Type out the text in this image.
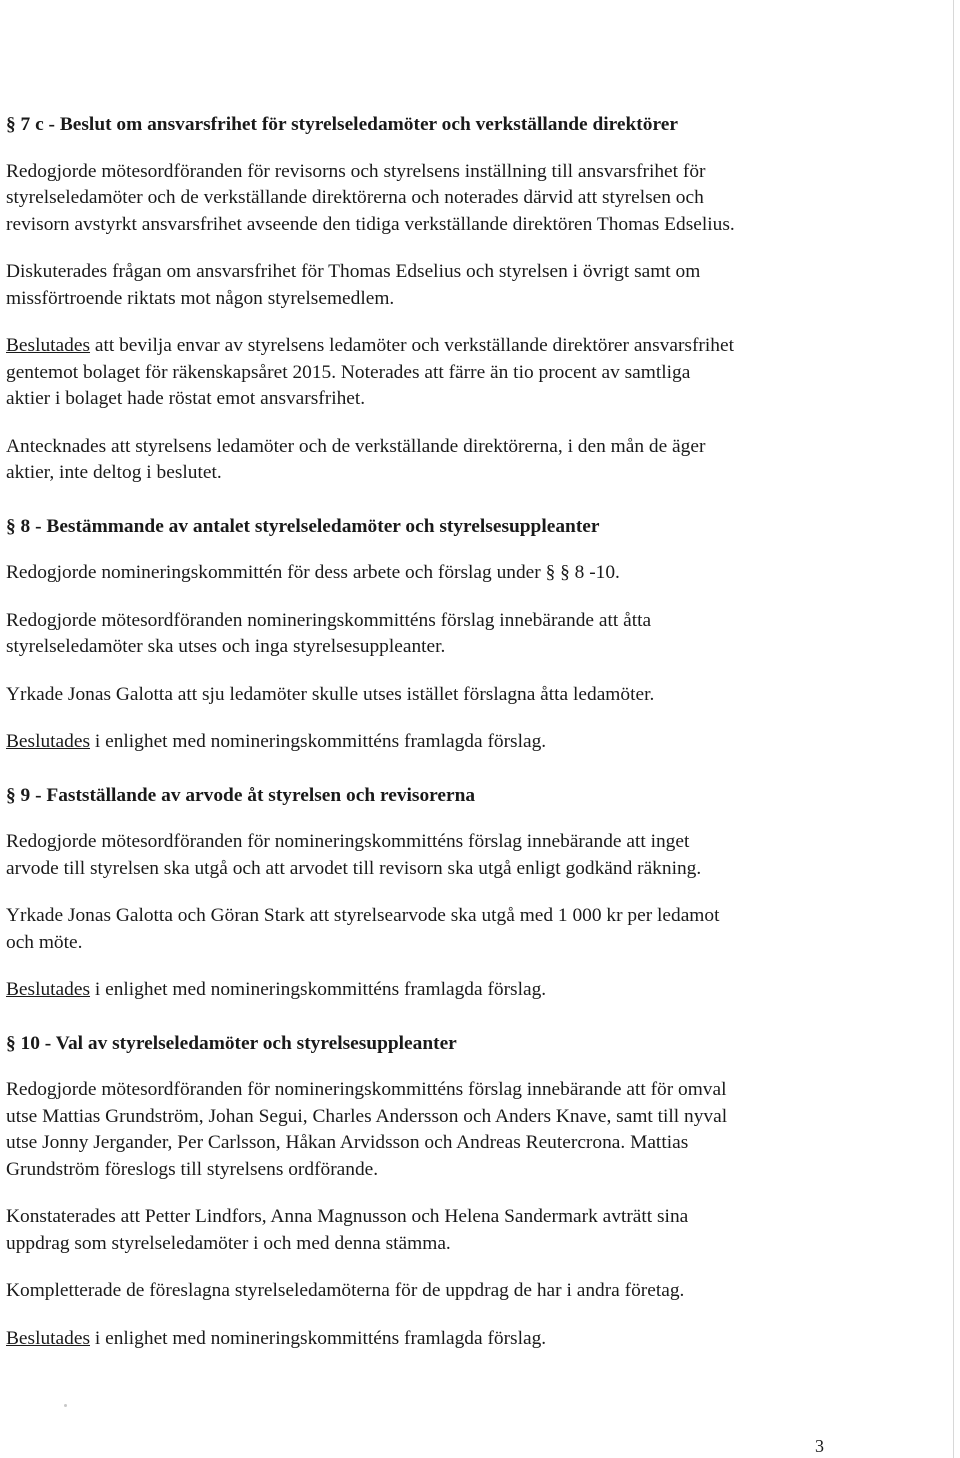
§ 7 c - Beslut om ansvarsfrihet för styrelseledamöter och verkställande direktörer
Redogjorde mötesordföranden för revisorns och styrelsens inställning till ansvarsfrihet för
styrelseledamöter och de verkställande direktörerna och noterades därvid att styrelsen och
revisorn avstyrkt ansvarsfrihet avseende den tidiga verkställande direktören Thomas Edselius.
Diskuterades frågan om ansvarsfrihet för Thomas Edselius och styrelsen i övrigt samt om
missförtroende riktats mot någon styrelsemedlem.
Beslutades att bevilja envar av styrelsens ledamöter och verkställande direktörer ansvarsfrihet
gentemot bolaget för räkenskapsåret 2015. Noterades att färre än tio procent av samtliga
aktier i bolaget hade röstat emot ansvarsfrihet.
Antecknades att styrelsens ledamöter och de verkställande direktörerna, i den mån de äger
aktier, inte deltog i beslutet.
§ 8 - Bestämmande av antalet styrelseledamöter och styrelsesuppleanter
Redogjorde nomineringskommittén för dess arbete och förslag under § § 8 -10.
Redogjorde mötesordföranden nomineringskommitténs förslag innebärande att åtta
styrelseledamöter ska utses och inga styrelsesuppleanter.
Yrkade Jonas Galotta att sju ledamöter skulle utses istället förslagna åtta ledamöter.
Beslutades i enlighet med nomineringskommitténs framlagda förslag.
§ 9 - Fastställande av arvode åt styrelsen och revisorerna
Redogjorde mötesordföranden för nomineringskommitténs förslag innebärande att inget
arvode till styrelsen ska utgå och att arvodet till revisorn ska utgå enligt godkänd räkning.
Yrkade Jonas Galotta och Göran Stark att styrelsearvode ska utgå med 1 000 kr per ledamot
och möte.
Beslutades i enlighet med nomineringskommitténs framlagda förslag.
§ 10 - Val av styrelseledamöter och styrelsesuppleanter
Redogjorde mötesordföranden för nomineringskommitténs förslag innebärande att för omval
utse Mattias Grundström, Johan Segui, Charles Andersson och Anders Knave, samt till nyval
utse Jonny Jergander, Per Carlsson, Håkan Arvidsson och Andreas Reutercrona. Mattias
Grundström föreslogs till styrelsens ordförande.
Konstaterades att Petter Lindfors, Anna Magnusson och Helena Sandermark avträtt sina
uppdrag som styrelseledamöter i och med denna stämma.
Kompletterade de föreslagna styrelseledamöterna för de uppdrag de har i andra företag.
Beslutades i enlighet med nomineringskommitténs framlagda förslag.
3
